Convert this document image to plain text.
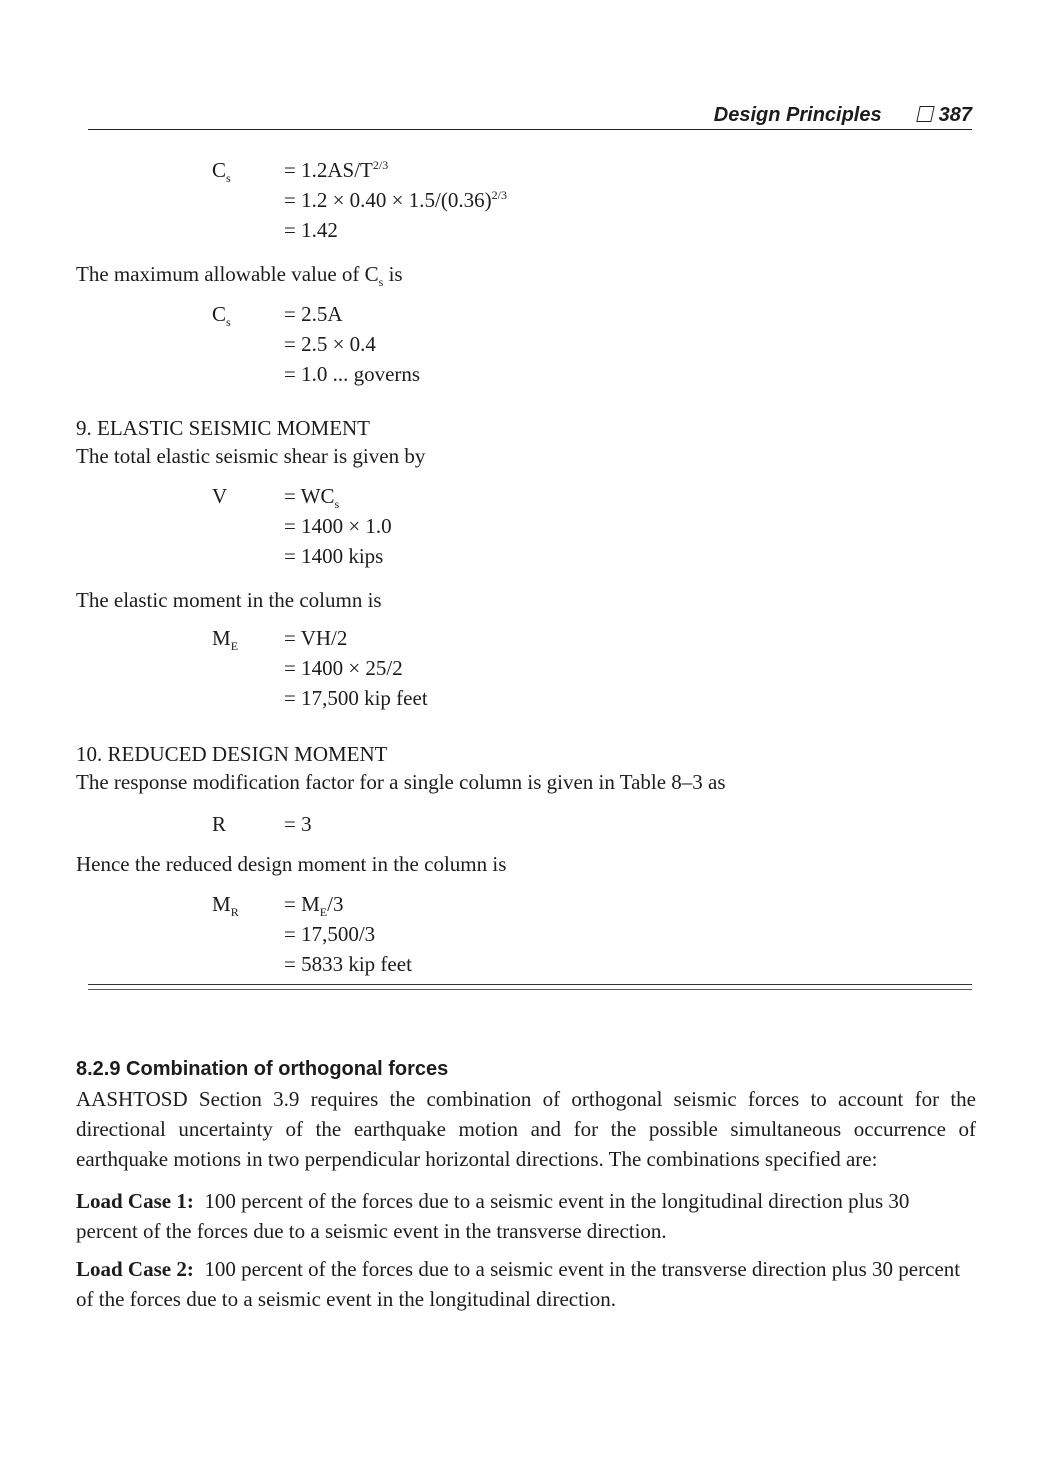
Design Principles	387
$C_s$	= $1.2AS/T^{2/3}$
= $1.2 \times 0.40 \times 1.5/(0.36)^{2/3}$
= 1.42
The maximum allowable value of $C_s$ is
$C_s$	= 2.5A
= 2.5 × 0.4
= 1.0 ... governs
9. ELASTIC SEISMIC MOMENT
The total elastic seismic shear is given by
V	= $WC_s$
= 1400 × 1.0
= 1400 kips
The elastic moment in the column is
$M_E = VH/2$
= 1400 × 25/2
= 17,500 kip feet
10. REDUCED DESIGN MOMENT
The response modification factor for a single column is given in Table 8–3 as
R	= 3
Hence the reduced design moment in the column is
$M_R = M_E/3$
= 17,500/3
= 5833 kip feet
8.2.9 Combination of orthogonal forces
AASHTOSD Section 3.9 requires the combination of orthogonal seismic forces to account for the directional uncertainty of the earthquake motion and for the possible simultaneous occurrence of earthquake motions in two perpendicular horizontal directions. The combinations specified are:
Load Case 1: 100 percent of the forces due to a seismic event in the longitudinal direction plus 30 percent of the forces due to a seismic event in the transverse direction.
Load Case 2: 100 percent of the forces due to a seismic event in the transverse direction plus 30 percent of the forces due to a seismic event in the longitudinal direction.
